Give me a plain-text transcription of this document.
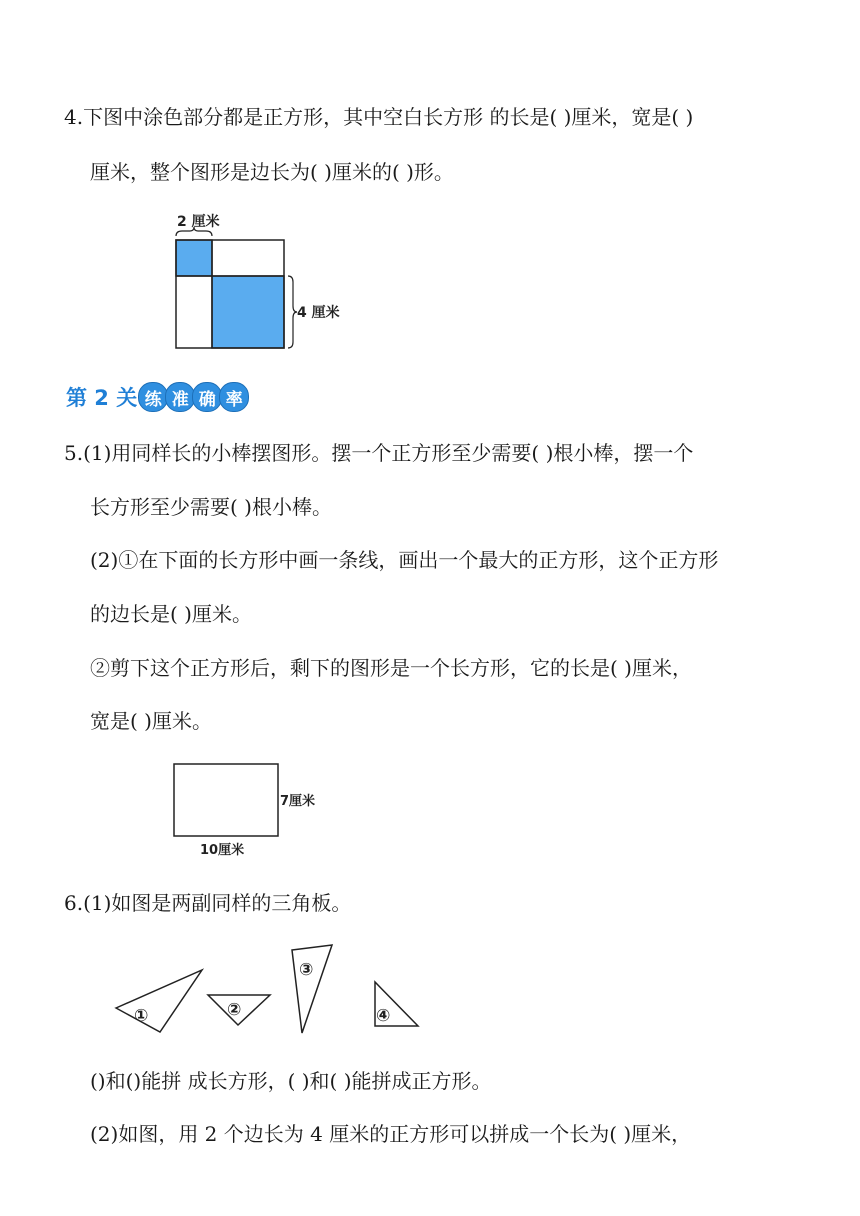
4.下图中涂色部分都是正方形，其中空白长方形 的长是( )厘米，宽是( )
厘米，整个图形是边长为( )厘米的( )形。
2 厘米
4 厘米
第 2 关 练 准 确 率
5.(1)用同样长的小棒摆图形。摆一个正方形至少需要( )根小棒，摆一个
长方形至少需要( )根小棒。
(2)①在下面的长方形中画一条线，画出一个最大的正方形，这个正方形
的边长是( )厘米。
②剪下这个正方形后，剩下的图形是一个长方形，它的长是( )厘米，
宽是( )厘米。
7厘米
10厘米
6.(1)如图是两副同样的三角板。
①	②
③
④
()和()能拼 成长方形，( )和( )能拼成正方形。
(2)如图，用 2 个边长为 4 厘米的正方形可以拼成一个长为( )厘米，
